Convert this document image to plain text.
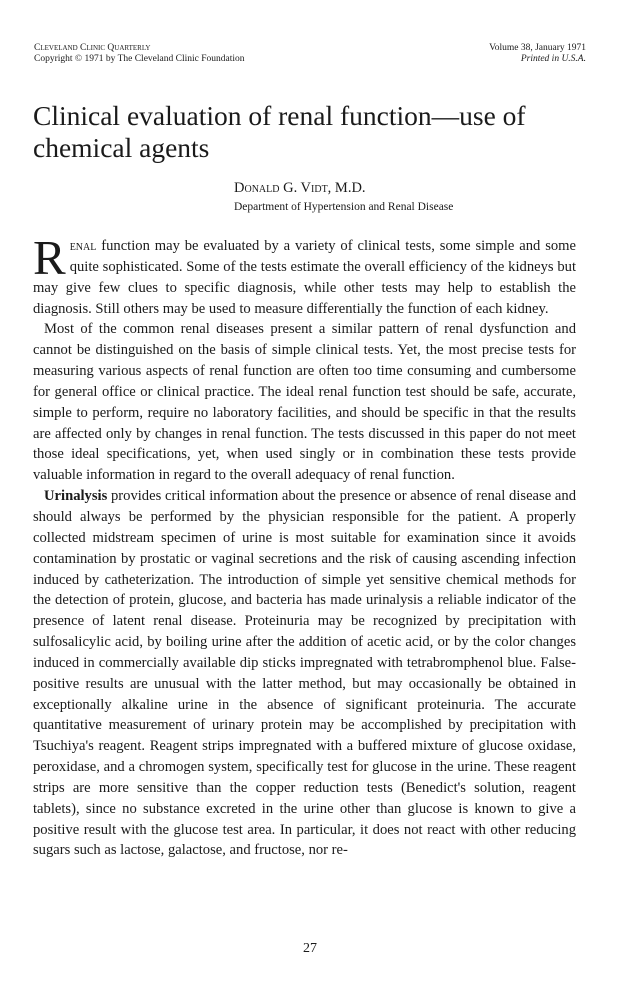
Cleveland Clinic Quarterly
Copyright © 1971 by The Cleveland Clinic Foundation
Volume 38, January 1971
Printed in U.S.A.
Clinical evaluation of renal function—use of chemical agents
Donald G. Vidt, M.D.
Department of Hypertension and Renal Disease

Renal function may be evaluated by a variety of clinical tests, some simple and some quite sophisticated. Some of the tests estimate the overall efficiency of the kidneys but may give few clues to specific diagnosis, while other tests may help to establish the diagnosis. Still others may be used to measure differentially the function of each kidney.

Most of the common renal diseases present a similar pattern of renal dysfunction and cannot be distinguished on the basis of simple clinical tests. Yet, the most precise tests for measuring various aspects of renal function are often too time consuming and cumbersome for general office or clinical practice. The ideal renal function test should be safe, accurate, simple to perform, require no laboratory facilities, and should be specific in that the results are affected only by changes in renal function. The tests discussed in this paper do not meet those ideal specifications, yet, when used singly or in combination these tests provide valuable information in regard to the overall adequacy of renal function.

Urinalysis provides critical information about the presence or absence of renal disease and should always be performed by the physician responsible for the patient. A properly collected midstream specimen of urine is most suitable for examination since it avoids contamination by prostatic or vaginal secretions and the risk of causing ascending infection induced by catheterization. The introduction of simple yet sensitive chemical methods for the detection of protein, glucose, and bacteria has made urinalysis a reliable indicator of the presence of latent renal disease. Proteinuria may be recognized by precipitation with sulfosalicylic acid, by boiling urine after the addition of acetic acid, or by the color changes induced in commercially available dip sticks impregnated with tetrabromphenol blue. False-positive results are unusual with the latter method, but may occasionally be obtained in exceptionally alkaline urine in the absence of significant proteinuria. The accurate quantitative measurement of urinary protein may be accomplished by precipitation with Tsuchiya's reagent. Reagent strips impregnated with a buffered mixture of glucose oxidase, peroxidase, and a chromogen system, specifically test for glucose in the urine. These reagent strips are more sensitive than the copper reduction tests (Benedict's solution, reagent tablets), since no substance excreted in the urine other than glucose is known to give a positive result with the glucose test area. In particular, it does not react with other reducing sugars such as lactose, galactose, and fructose, nor re-

27
